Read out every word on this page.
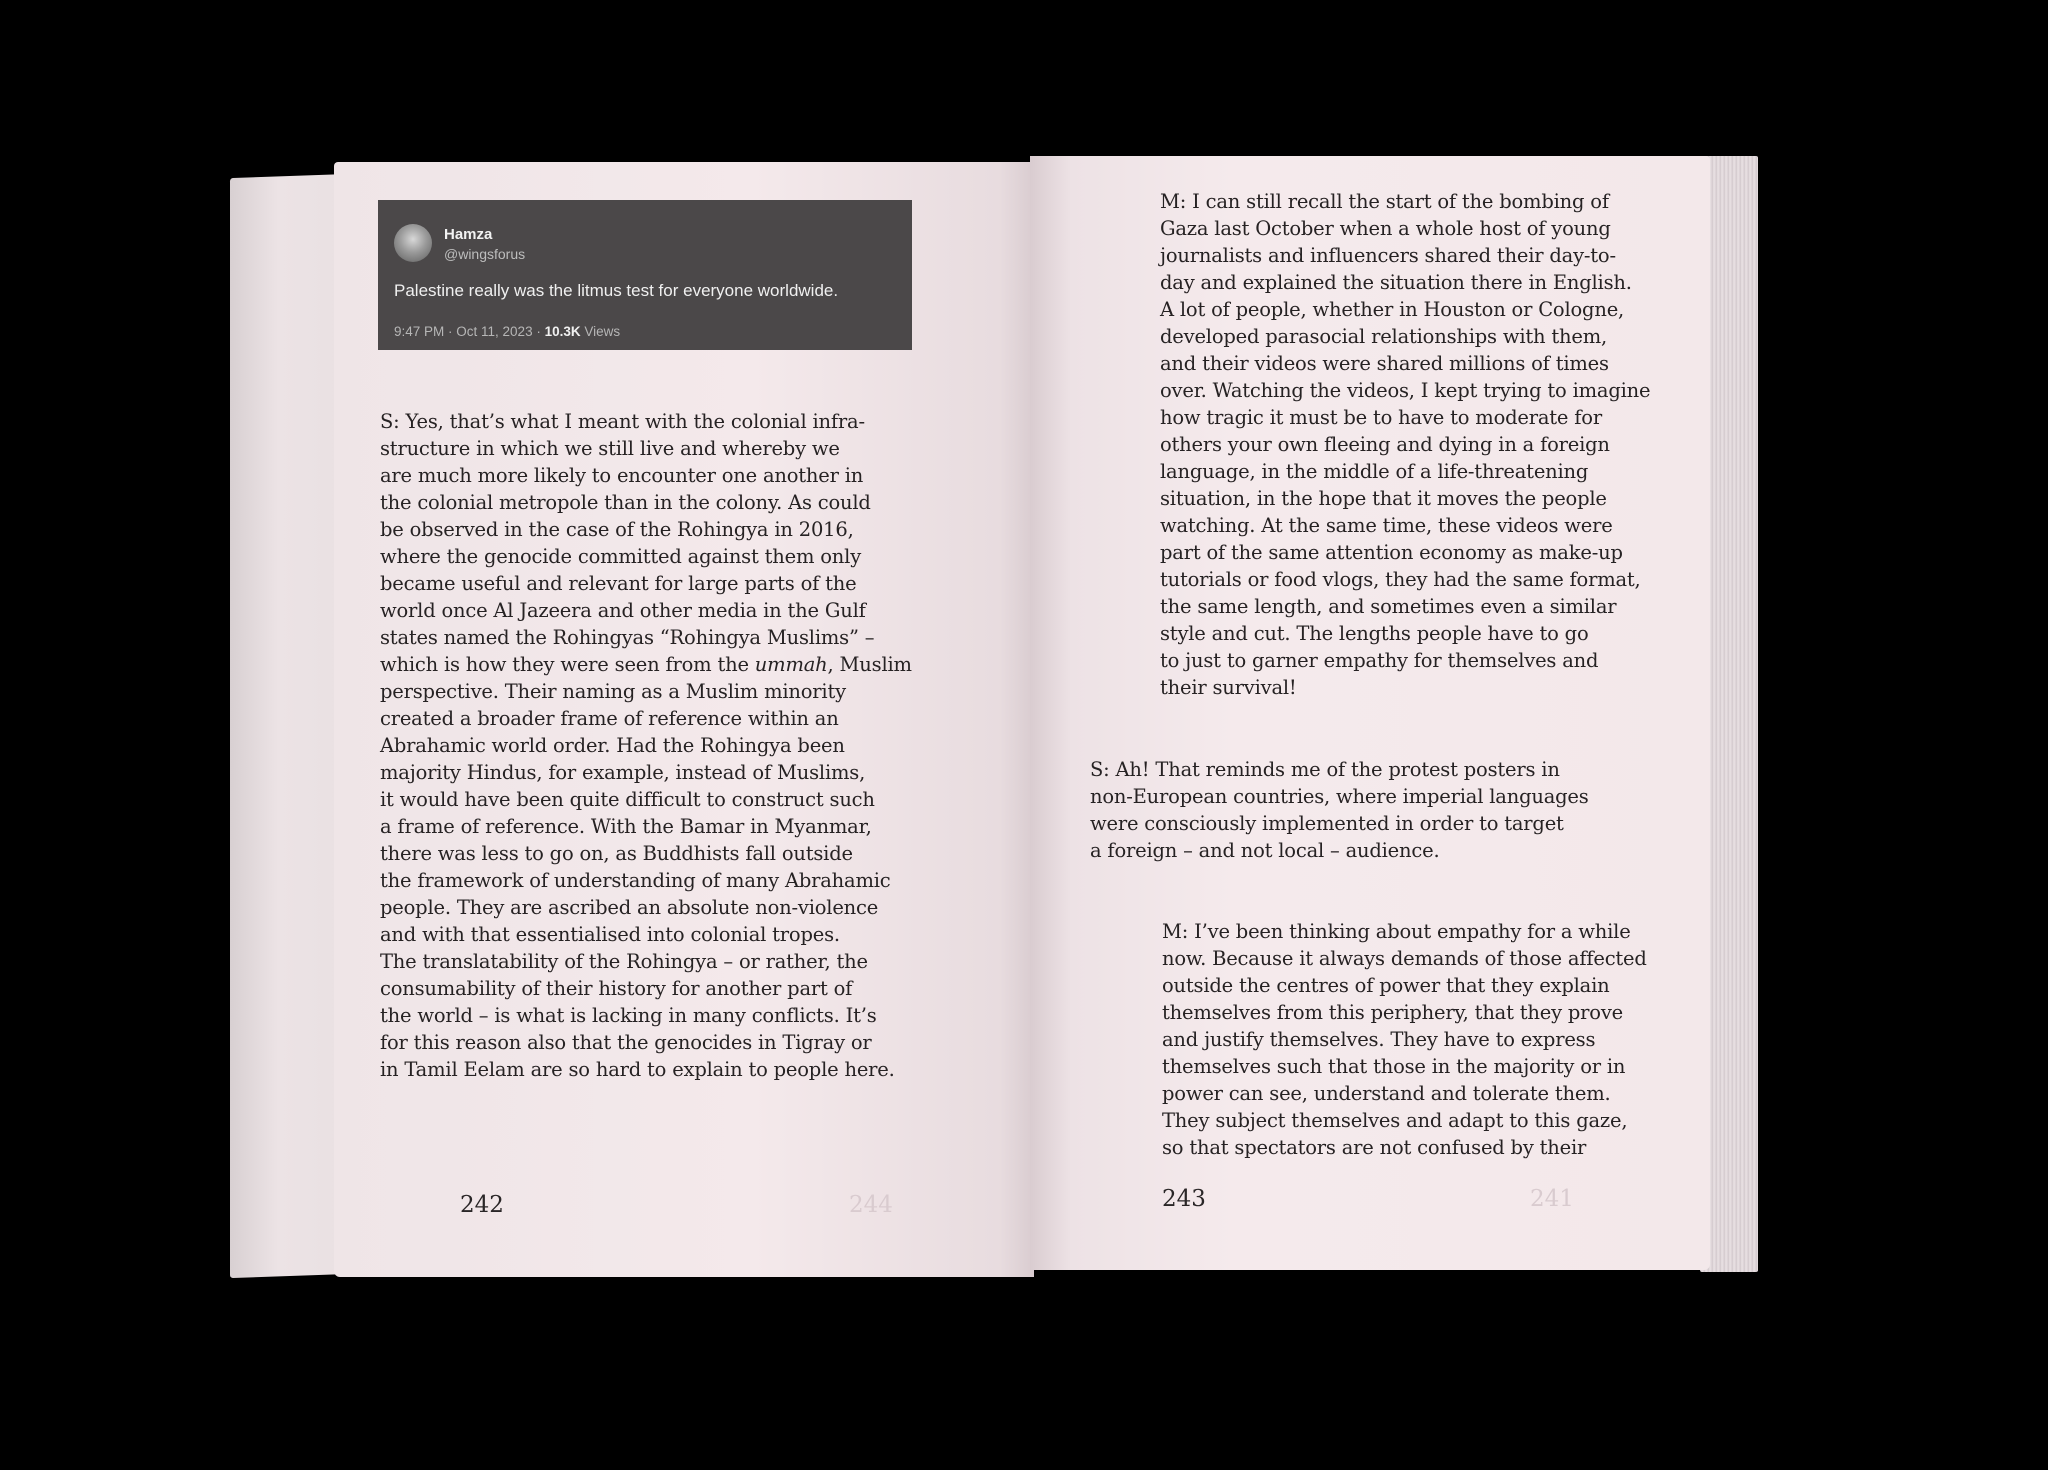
Hamza
@wingsforus
Palestine really was the litmus test for everyone worldwide.
9:47 PM · Oct 11, 2023 · 10.3K Views
S: Yes, that’s what I meant with the colonial infra-
structure in which we still live and whereby we
are much more likely to encounter one another in
the colonial metropole than in the colony. As could
be observed in the case of the Rohingya in 2016,
where the genocide committed against them only
became useful and relevant for large parts of the
world once Al Jazeera and other media in the Gulf
states named the Rohingyas “Rohingya Muslims” –
which is how they were seen from the ummah, Muslim
perspective. Their naming as a Muslim minority
created a broader frame of reference within an
Abrahamic world order. Had the Rohingya been
majority Hindus, for example, instead of Muslims,
it would have been quite difficult to construct such
a frame of reference. With the Bamar in Myanmar,
there was less to go on, as Buddhists fall outside
the framework of understanding of many Abrahamic
people. They are ascribed an absolute non-violence
and with that essentialised into colonial tropes.
The translatability of the Rohingya – or rather, the
consumability of their history for another part of
the world – is what is lacking in many conflicts. It’s
for this reason also that the genocides in Tigray or
in Tamil Eelam are so hard to explain to people here.
244
242
M: I can still recall the start of the bombing of
Gaza last October when a whole host of young
journalists and influencers shared their day-to-
day and explained the situation there in English.
A lot of people, whether in Houston or Cologne,
developed parasocial relationships with them,
and their videos were shared millions of times
over. Watching the videos, I kept trying to imagine
how tragic it must be to have to moderate for
others your own fleeing and dying in a foreign
language, in the middle of a life-threatening
situation, in the hope that it moves the people
watching. At the same time, these videos were
part of the same attention economy as make-up
tutorials or food vlogs, they had the same format,
the same length, and sometimes even a similar
style and cut. The lengths people have to go
to just to garner empathy for themselves and
their survival!
S: Ah! That reminds me of the protest posters in
non-European countries, where imperial languages
were consciously implemented in order to target
a foreign – and not local – audience.
M: I’ve been thinking about empathy for a while
now. Because it always demands of those affected
outside the centres of power that they explain
themselves from this periphery, that they prove
and justify themselves. They have to express
themselves such that those in the majority or in
power can see, understand and tolerate them.
They subject themselves and adapt to this gaze,
so that spectators are not confused by their
241
243
